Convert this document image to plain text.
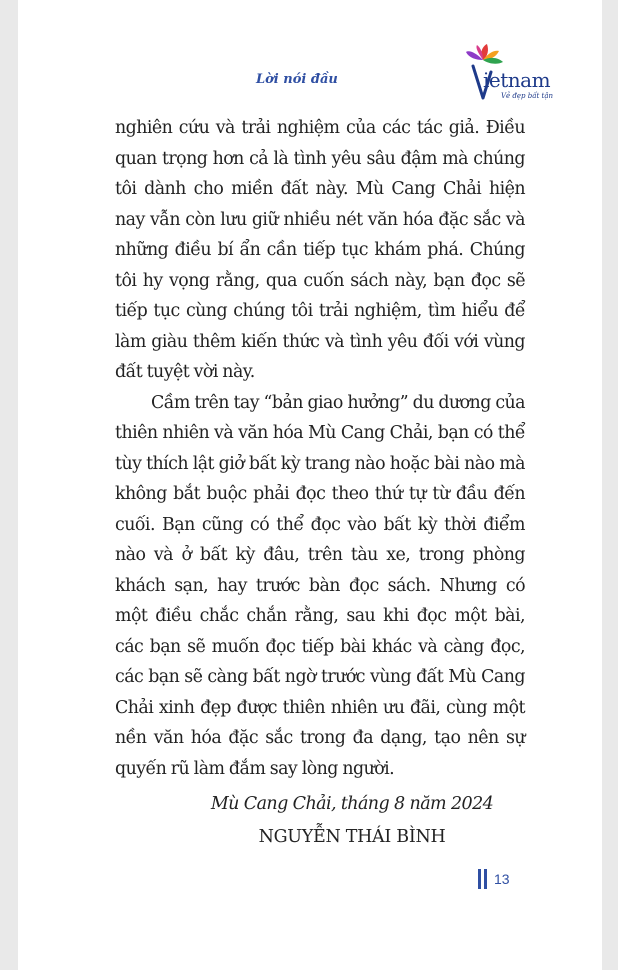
Lời nói đầu	ietnam
Vẻ đẹp bất tận

nghiên cứu và trải nghiệm của các tác giả. Điều quan trọng hơn cả là tình yêu sâu đậm mà chúng tôi dành cho miền đất này. Mù Cang Chải hiện nay vẫn còn lưu giữ nhiều nét văn hóa đặc sắc và những điều bí ẩn cần tiếp tục khám phá. Chúng tôi hy vọng rằng, qua cuốn sách này, bạn đọc sẽ tiếp tục cùng chúng tôi trải nghiệm, tìm hiểu để làm giàu thêm kiến thức và tình yêu đối với vùng đất tuyệt vời này.

Cầm trên tay “bản giao hưởng” du dương của thiên nhiên và văn hóa Mù Cang Chải, bạn có thể tùy thích lật giở bất kỳ trang nào hoặc bài nào mà không bắt buộc phải đọc theo thứ tự từ đầu đến cuối. Bạn cũng có thể đọc vào bất kỳ thời điểm nào và ở bất kỳ đâu, trên tàu xe, trong phòng khách sạn, hay trước bàn đọc sách. Nhưng có một điều chắc chắn rằng, sau khi đọc một bài, các bạn sẽ muốn đọc tiếp bài khác và càng đọc, các bạn sẽ càng bất ngờ trước vùng đất Mù Cang Chải xinh đẹp được thiên nhiên ưu đãi, cùng một nền văn hóa đặc sắc trong đa dạng, tạo nên sự quyến rũ làm đắm say lòng người.

Mù Cang Chải, tháng 8 năm 2024
NGUYỄN THÁI BÌNH
13
